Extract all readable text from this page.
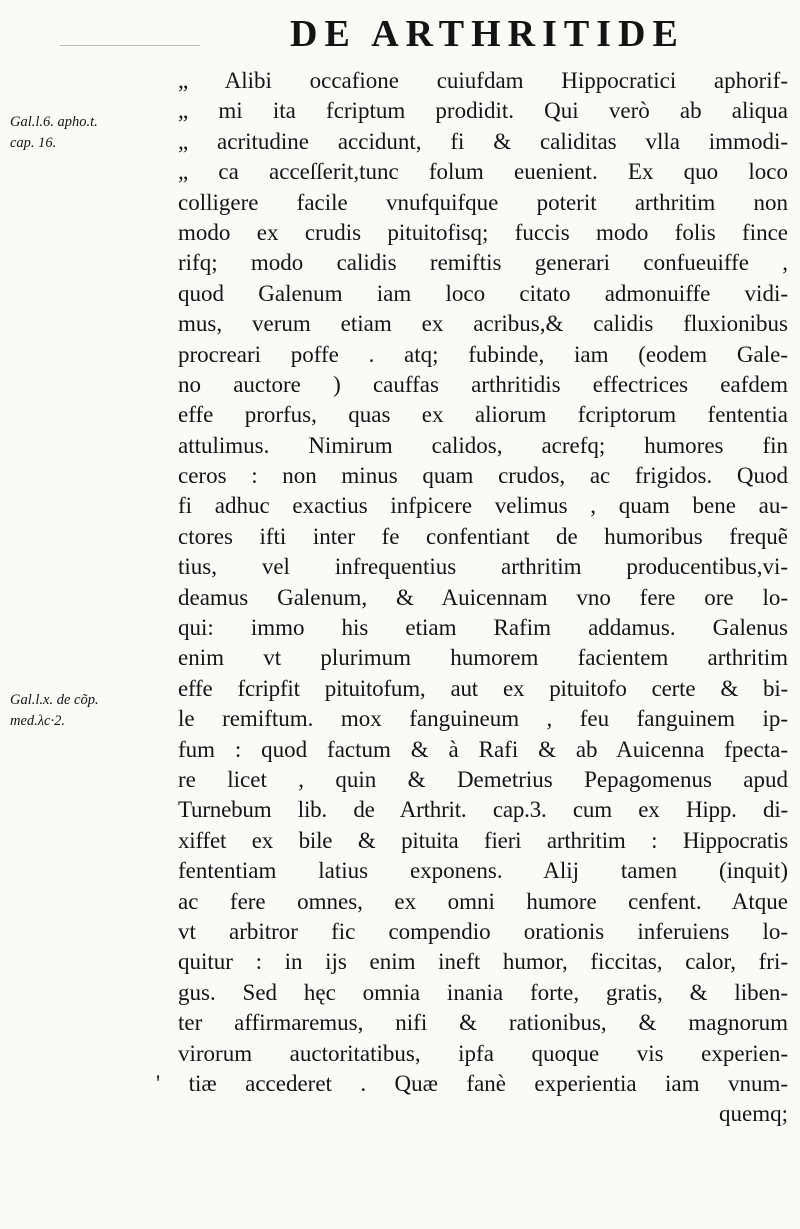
DE ARTHRITIDE
Gal.l.6. apho.t.
cap. 16.
Gal.l.x. de cõp.
med.λc·2.
„ Alibi occafione cuiufdam Hippocratici aphorif-
„ mi ita fcriptum prodidit. Qui verò ab aliqua
„ acritudine accidunt, fi & caliditas vlla immodi-
„ ca acceſſerit,tunc folum euenient. Ex quo loco
colligere facile vnufquifque poterit arthritim non
modo ex crudis pituitofisq; fuccis modo folis fince
rifq; modo calidis remiftis generari confueuiffe ,
quod Galenum iam loco citato admonuiffe vidi-
mus, verum etiam ex acribus,& calidis fluxionibus
procreari poffe . atq; fubinde, iam (eodem Gale-
no auctore ) cauffas arthritidis effectrices eafdem
effe prorfus, quas ex aliorum fcriptorum fententia
attulimus. Nimirum calidos, acrefq; humores fin
ceros : non minus quam crudos, ac frigidos. Quod
fi adhuc exactius infpicere velimus , quam bene au-
ctores ifti inter fe confentiant de humoribus frequẽ
tius, vel infrequentius arthritim producentibus,vi-
deamus Galenum, & Auicennam vno fere ore lo-
qui: immo his etiam Rafim addamus. Galenus
enim vt plurimum humorem facientem arthritim
effe fcripfit pituitofum, aut ex pituitofo certe & bi-
le remiftum. mox fanguineum , feu fanguinem ip-
fum : quod factum & à Rafi & ab Auicenna fpecta-
re licet , quin & Demetrius Pepagomenus apud
Turnebum lib. de Arthrit. cap.3. cum ex Hipp. di-
xiffet ex bile & pituita fieri arthritim : Hippocratis
fententiam latius exponens. Alij tamen (inquit)
ac fere omnes, ex omni humore cenfent. Atque
vt arbitror fic compendio orationis inferuiens lo-
quitur : in ijs enim ineft humor, ficcitas, calor, fri-
gus. Sed hęc omnia inania forte, gratis, & liben-
ter affirmaremus, nifi & rationibus, & magnorum
virorum auctoritatibus, ipfa quoque vis experien-
' tiæ accederet . Quæ fanè experientia iam vnum-
quemq;
